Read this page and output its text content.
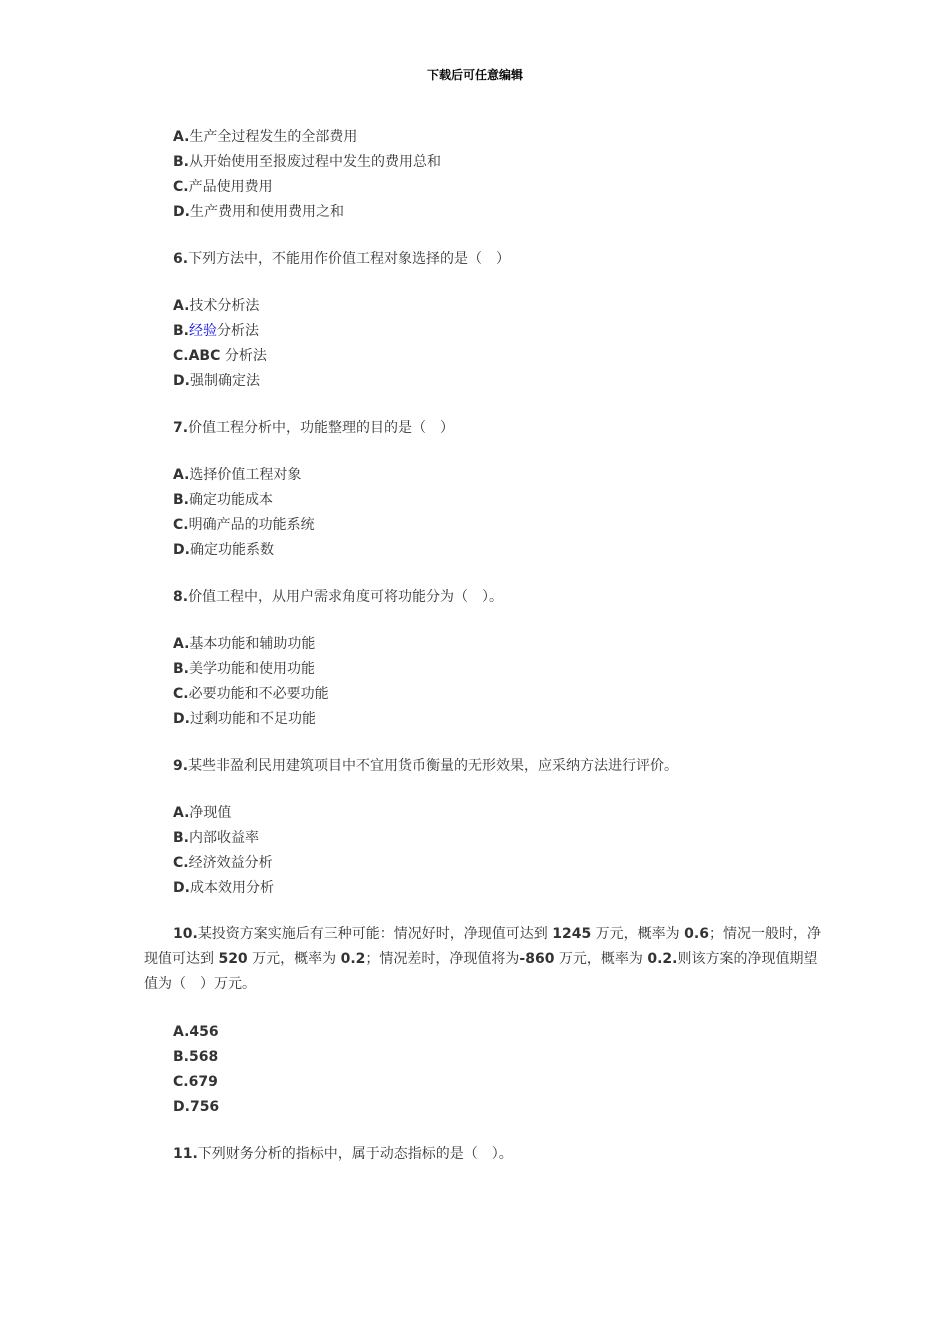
下载后可任意编辑
A.生产全过程发生的全部费用
B.从开始使用至报废过程中发生的费用总和
C.产品使用费用
D.生产费用和使用费用之和
6.下列方法中，不能用作价值工程对象选择的是（　）
A.技术分析法
B.经验分析法
C.ABC 分析法
D.强制确定法
7.价值工程分析中，功能整理的目的是（　）
A.选择价值工程对象
B.确定功能成本
C.明确产品的功能系统
D.确定功能系数
8.价值工程中，从用户需求角度可将功能分为（　）。
A.基本功能和辅助功能
B.美学功能和使用功能
C.必要功能和不必要功能
D.过剩功能和不足功能
9.某些非盈利民用建筑项目中不宜用货币衡量的无形效果，应采纳方法进行评价。
A.净现值
B.内部收益率
C.经济效益分析
D.成本效用分析
10.某投资方案实施后有三种可能：情况好时，净现值可达到 1245 万元，概率为 0.6；情况一般时，净现值可达到 520 万元，概率为 0.2；情况差时，净现值将为-860 万元，概率为 0.2.则该方案的净现值期望值为（　）万元。
A.456
B.568
C.679
D.756
11.下列财务分析的指标中，属于动态指标的是（　）。
